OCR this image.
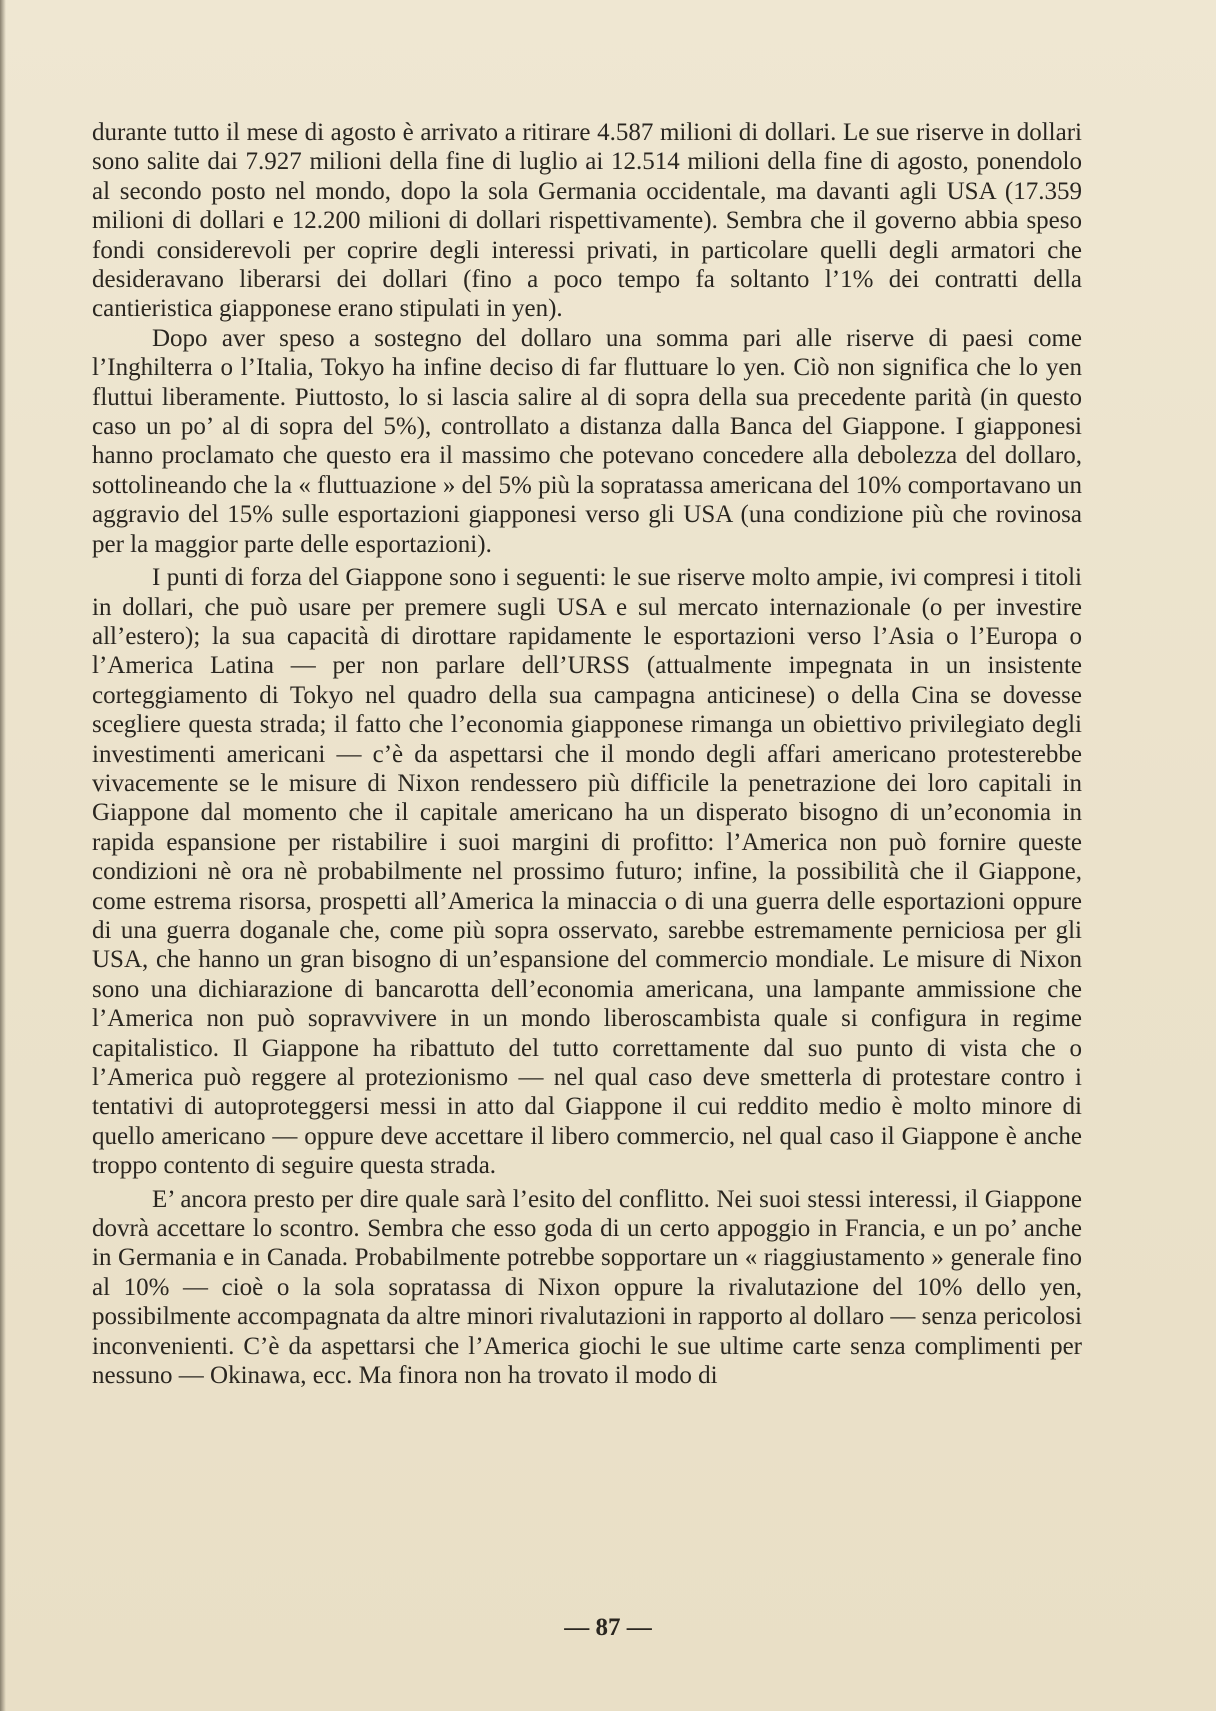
durante tutto il mese di agosto è arrivato a ritirare 4.587 milioni di dollari. Le sue riserve in dollari sono salite dai 7.927 milioni della fine di luglio ai 12.514 milioni della fine di agosto, ponendolo al secondo posto nel mondo, dopo la sola Germania occidentale, ma davanti agli USA (17.359 milioni di dollari e 12.200 milioni di dollari rispettivamente). Sembra che il governo abbia speso fondi considerevoli per coprire degli interessi privati, in particolare quelli degli armatori che desideravano liberarsi dei dollari (fino a poco tempo fa soltanto l’1% dei contratti della cantieristica giapponese erano stipulati in yen).

Dopo aver speso a sostegno del dollaro una somma pari alle riserve di paesi come l’Inghilterra o l’Italia, Tokyo ha infine deciso di far fluttuare lo yen. Ciò non significa che lo yen fluttui liberamente. Piuttosto, lo si lascia salire al di sopra della sua precedente parità (in questo caso un po’ al di sopra del 5%), controllato a distanza dalla Banca del Giappone. I giapponesi hanno proclamato che questo era il massimo che potevano concedere alla debolezza del dollaro, sottolineando che la « fluttuazione » del 5% più la sopratassa americana del 10% comportavano un aggravio del 15% sulle esportazioni giapponesi verso gli USA (una condizione più che rovinosa per la maggior parte delle esportazioni).

I punti di forza del Giappone sono i seguenti: le sue riserve molto ampie, ivi compresi i titoli in dollari, che può usare per premere sugli USA e sul mercato internazionale (o per investire all’estero); la sua capacità di dirottare rapidamente le esportazioni verso l’Asia o l’Europa o l’America Latina — per non parlare dell’URSS (attualmente impegnata in un insistente corteggiamento di Tokyo nel quadro della sua campagna anticinese) o della Cina se dovesse scegliere questa strada; il fatto che l’economia giapponese rimanga un obiettivo privilegiato degli investimenti americani — c’è da aspettarsi che il mondo degli affari americano protesterebbe vivacemente se le misure di Nixon rendessero più difficile la penetrazione dei loro capitali in Giappone dal momento che il capitale americano ha un disperato bisogno di un’economia in rapida espansione per ristabilire i suoi margini di profitto: l’America non può fornire queste condizioni nè ora nè probabilmente nel prossimo futuro; infine, la possibilità che il Giappone, come estrema risorsa, prospetti all’America la minaccia o di una guerra delle esportazioni oppure di una guerra doganale che, come più sopra osservato, sarebbe estremamente perniciosa per gli USA, che hanno un gran bisogno di un’espansione del commercio mondiale. Le misure di Nixon sono una dichiarazione di bancarotta dell’economia americana, una lampante ammissione che l’America non può sopravvivere in un mondo liberoscambista quale si configura in regime capitalistico. Il Giappone ha ribattuto del tutto correttamente dal suo punto di vista che o l’America può reggere al protezionismo — nel qual caso deve smetterla di protestare contro i tentativi di autoproteggersi messi in atto dal Giappone il cui reddito medio è molto minore di quello americano — oppure deve accettare il libero commercio, nel qual caso il Giappone è anche troppo contento di seguire questa strada.

E’ ancora presto per dire quale sarà l’esito del conflitto. Nei suoi stessi interessi, il Giappone dovrà accettare lo scontro. Sembra che esso goda di un certo appoggio in Francia, e un po’ anche in Germania e in Canada. Probabilmente potrebbe sopportare un « riaggiustamento » generale fino al 10% — cioè o la sola sopratassa di Nixon oppure la rivalutazione del 10% dello yen, possibilmente accompagnata da altre minori rivalutazioni in rapporto al dollaro — senza pericolosi inconvenienti. C’è da aspettarsi che l’America giochi le sue ultime carte senza complimenti per nessuno — Okinawa, ecc. Ma finora non ha trovato il modo di

— 87 —
